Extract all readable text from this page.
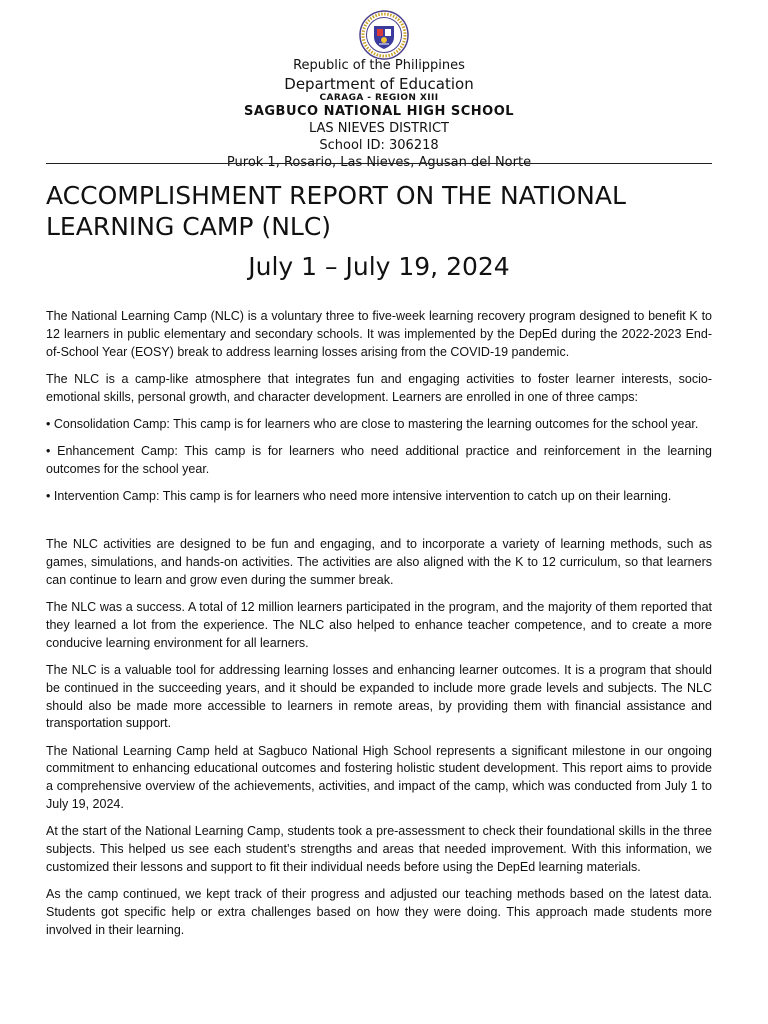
Republic of the Philippines
Department of Education
CARAGA - REGION XIII
SAGBUCO NATIONAL HIGH SCHOOL
LAS NIEVES DISTRICT
School ID: 306218
Purok 1, Rosario, Las Nieves, Agusan del Norte
ACCOMPLISHMENT REPORT ON THE NATIONAL LEARNING CAMP (NLC)
July 1 – July 19, 2024

The National Learning Camp (NLC) is a voluntary three to five-week learning recovery program designed to benefit K to 12 learners in public elementary and secondary schools. It was implemented by the DepEd during the 2022-2023 End-of-School Year (EOSY) break to address learning losses arising from the COVID-19 pandemic.

The NLC is a camp-like atmosphere that integrates fun and engaging activities to foster learner interests, socio-emotional skills, personal growth, and character development. Learners are enrolled in one of three camps:

• Consolidation Camp: This camp is for learners who are close to mastering the learning outcomes for the school year.

• Enhancement Camp: This camp is for learners who need additional practice and reinforcement in the learning outcomes for the school year.

• Intervention Camp: This camp is for learners who need more intensive intervention to catch up on their learning.

The NLC activities are designed to be fun and engaging, and to incorporate a variety of learning methods, such as games, simulations, and hands-on activities. The activities are also aligned with the K to 12 curriculum, so that learners can continue to learn and grow even during the summer break.

The NLC was a success. A total of 12 million learners participated in the program, and the majority of them reported that they learned a lot from the experience. The NLC also helped to enhance teacher competence, and to create a more conducive learning environment for all learners.

The NLC is a valuable tool for addressing learning losses and enhancing learner outcomes. It is a program that should be continued in the succeeding years, and it should be expanded to include more grade levels and subjects. The NLC should also be made more accessible to learners in remote areas, by providing them with financial assistance and transportation support.

The National Learning Camp held at Sagbuco National High School represents a significant milestone in our ongoing commitment to enhancing educational outcomes and fostering holistic student development. This report aims to provide a comprehensive overview of the achievements, activities, and impact of the camp, which was conducted from July 1 to July 19, 2024.

At the start of the National Learning Camp, students took a pre-assessment to check their foundational skills in the three subjects. This helped us see each student’s strengths and areas that needed improvement. With this information, we customized their lessons and support to fit their individual needs before using the DepEd learning materials.

As the camp continued, we kept track of their progress and adjusted our teaching methods based on the latest data. Students got specific help or extra challenges based on how they were doing. This approach made students more involved in their learning.
